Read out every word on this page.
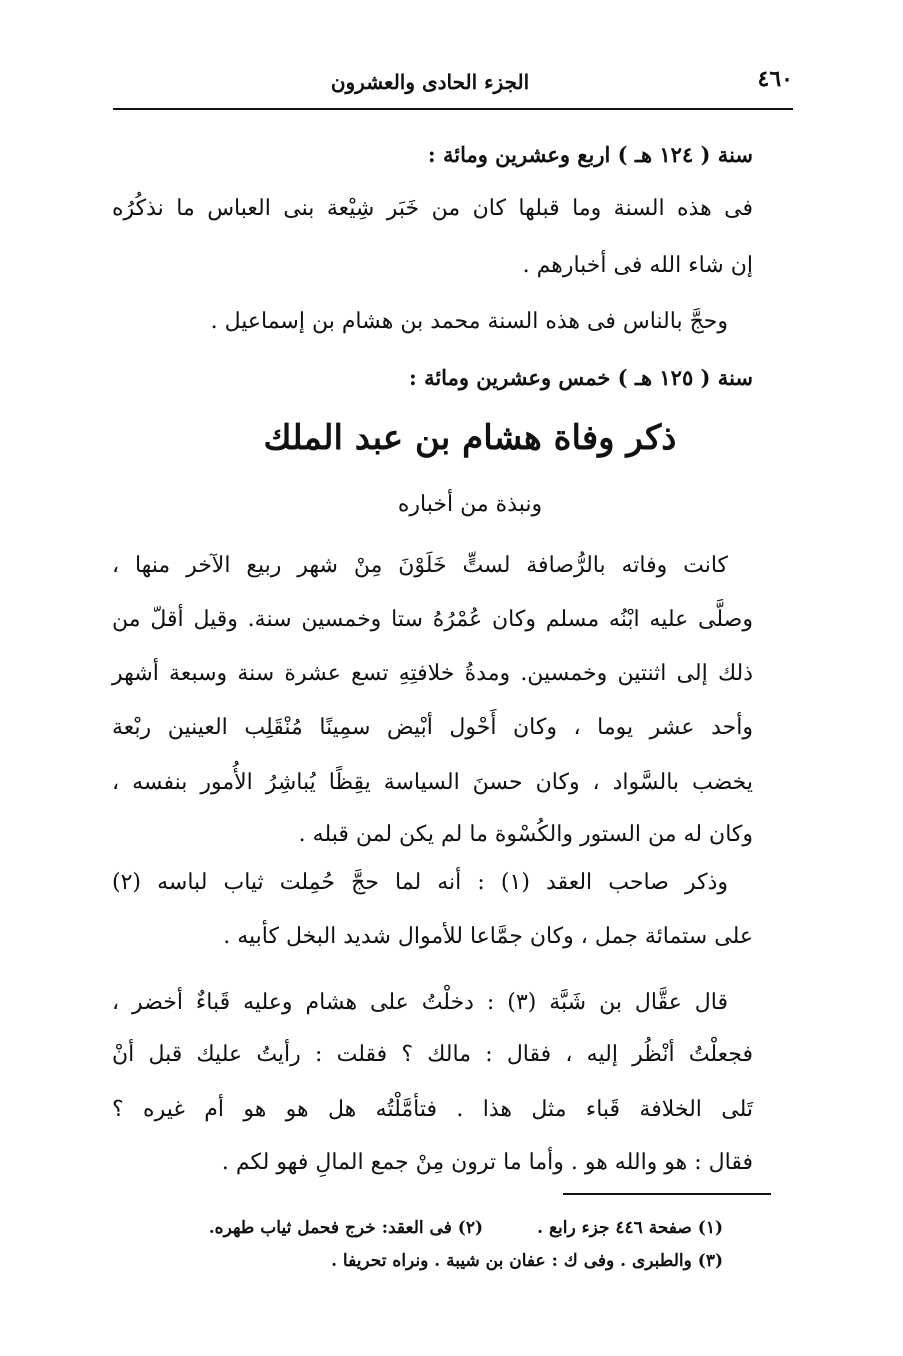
الجزء الحادى والعشرون	٤٦٠
سنة ( ١٢٤ هـ ) اربع وعشرين ومائة :
فى هذه السنة وما قبلها كان من خَبَر شِيْعة بنى العباس ما نذكُرُه
إن شاء الله فى أخبارهم .
وحجَّ بالناس فى هذه السنة محمد بن هشام بن إسماعيل .
سنة ( ١٢٥ هـ ) خمس وعشرين ومائة :
ذكر وفاة هشام بن عبد الملك
ونبذة من أخباره
كانت وفاته بالرُّصافة لستٍّ خَلَوْنَ مِنْ شهر ربيع الآخر منها ،
وصلَّى عليه ابْنُه مسلم وكان عُمْرُهُ ستا وخمسين سنة. وقيل أقلّ من
ذلك إلى اثنتين وخمسين. ومدةُ خلافتِهِ تسع عشرة سنة وسبعة أشهر
وأحد عشر يوما ، وكان أَحْول أبْيض سمِينًا مُنْقَلِب العينين ربْعة
يخضب بالسَّواد ، وكان حسنَ السياسة يقِظًا يُباشِرُ الأُمور بنفسه ،
وكان له من الستور والكُسْوة ما لم يكن لمن قبله .
وذكر صاحب العقد (١) : أنه لما حجَّ حُمِلت ثياب لباسه (٢)
على ستمائة جمل ، وكان جمَّاعا للأموال شديد البخل كأبيه .
قال عقَّال بن شَبَّة (٣) : دخلْتُ على هشام وعليه قَباءٌ أخضر ،
فجعلْتُ أنْظُر إليه ، فقال : مالك ؟ فقلت : رأيتُ عليك قبل أنْ
تَلى الخلافة قَباء مثل هذا . فتأمَّلْتُه هل هو هو أم غيره ؟
فقال : هو والله هو . وأما ما ترون مِنْ جمع المالِ فهو لكم .
(١) صفحة ٤٤٦ جزء رابع .
(٢) فى العقد: خرج فحمل ثياب طهره.
(٣) والطبرى . وفى ك : عفان بن شيبة . ونراه تحريفا .
